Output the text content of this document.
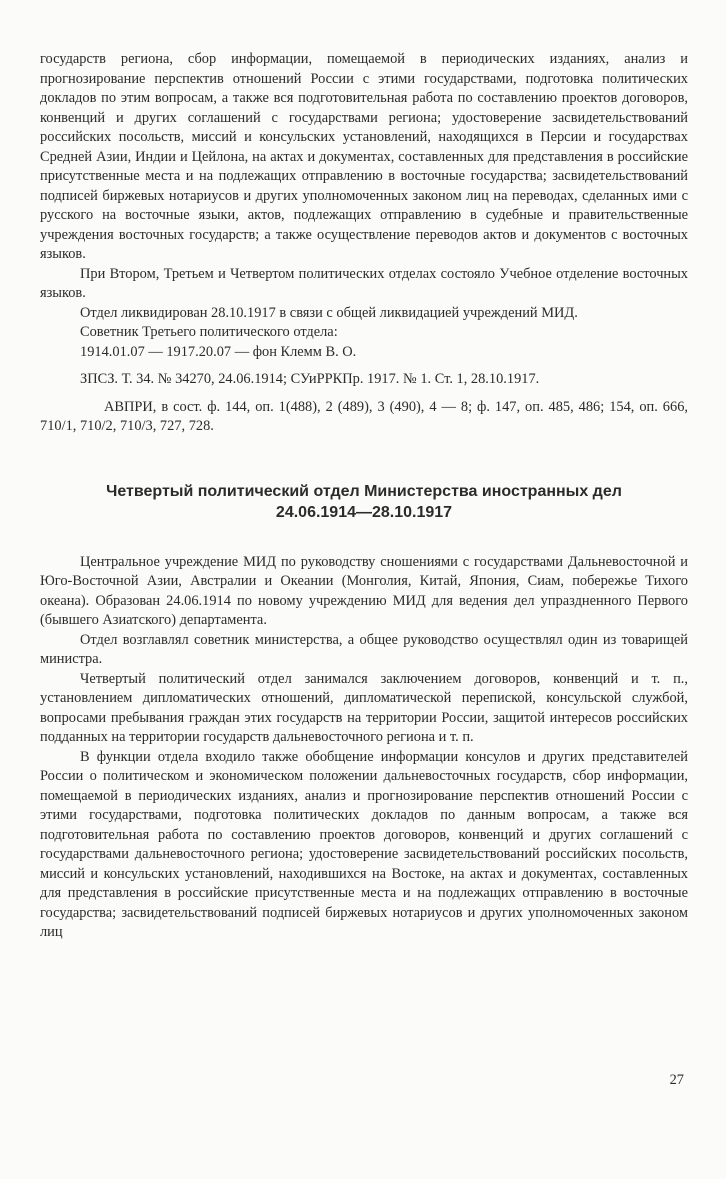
государств региона, сбор информации, помещаемой в периодических изданиях, анализ и прогнозирование перспектив отношений России с этими государствами, подготовка политических докладов по этим вопросам, а также вся подготовительная работа по составлению проектов договоров, конвенций и других соглашений с государствами региона; удостоверение засвидетельствований российских посольств, миссий и консульских установлений, находящихся в Персии и государствах Средней Азии, Индии и Цейлона, на актах и документах, составленных для представления в российские присутственные места и на подлежащих отправлению в восточные государства; засвидетельствований подписей биржевых нотариусов и других уполномоченных законом лиц на переводах, сделанных ими с русского на восточные языки, актов, подлежащих отправлению в судебные и правительственные учреждения восточных государств; а также осуществление переводов актов и документов с восточных языков.

При Втором, Третьем и Четвертом политических отделах состояло Учебное отделение восточных языков.

Отдел ликвидирован 28.10.1917 в связи с общей ликвидацией учреждений МИД.

Советник Третьего политического отдела:

1914.01.07 — 1917.20.07 — фон Клемм В. О.

ЗПСЗ. Т. 34. № 34270, 24.06.1914; СУиРРКПр. 1917. № 1. Ст. 1, 28.10.1917.

АВПРИ, в сост. ф. 144, оп. 1(488), 2 (489), 3 (490), 4 — 8; ф. 147, оп. 485, 486; 154, оп. 666, 710/1, 710/2, 710/3, 727, 728.

Четвертый политический отдел Министерства иностранных дел
24.06.1914—28.10.1917

Центральное учреждение МИД по руководству сношениями с государствами Дальневосточной и Юго-Восточной Азии, Австралии и Океании (Монголия, Китай, Япония, Сиам, побережье Тихого океана). Образован 24.06.1914 по новому учреждению МИД для ведения дел упраздненного Первого (бывшего Азиатского) департамента.

Отдел возглавлял советник министерства, а общее руководство осуществлял один из товарищей министра.

Четвертый политический отдел занимался заключением договоров, конвенций и т. п., установлением дипломатических отношений, дипломатической перепиской, консульской службой, вопросами пребывания граждан этих государств на территории России, защитой интересов российских подданных на территории государств дальневосточного региона и т. п.

В функции отдела входило также обобщение информации консулов и других представителей России о политическом и экономическом положении дальневосточных государств, сбор информации, помещаемой в периодических изданиях, анализ и прогнозирование перспектив отношений России с этими государствами, подготовка политических докладов по данным вопросам, а также вся подготовительная работа по составлению проектов договоров, конвенций и других соглашений с государствами дальневосточного региона; удостоверение засвидетельствований российских посольств, миссий и консульских установлений, находившихся на Востоке, на актах и документах, составленных для представления в российские присутственные места и на подлежащих отправлению в восточные государства; засвидетельствований подписей биржевых нотариусов и других уполномоченных законом лиц

27
